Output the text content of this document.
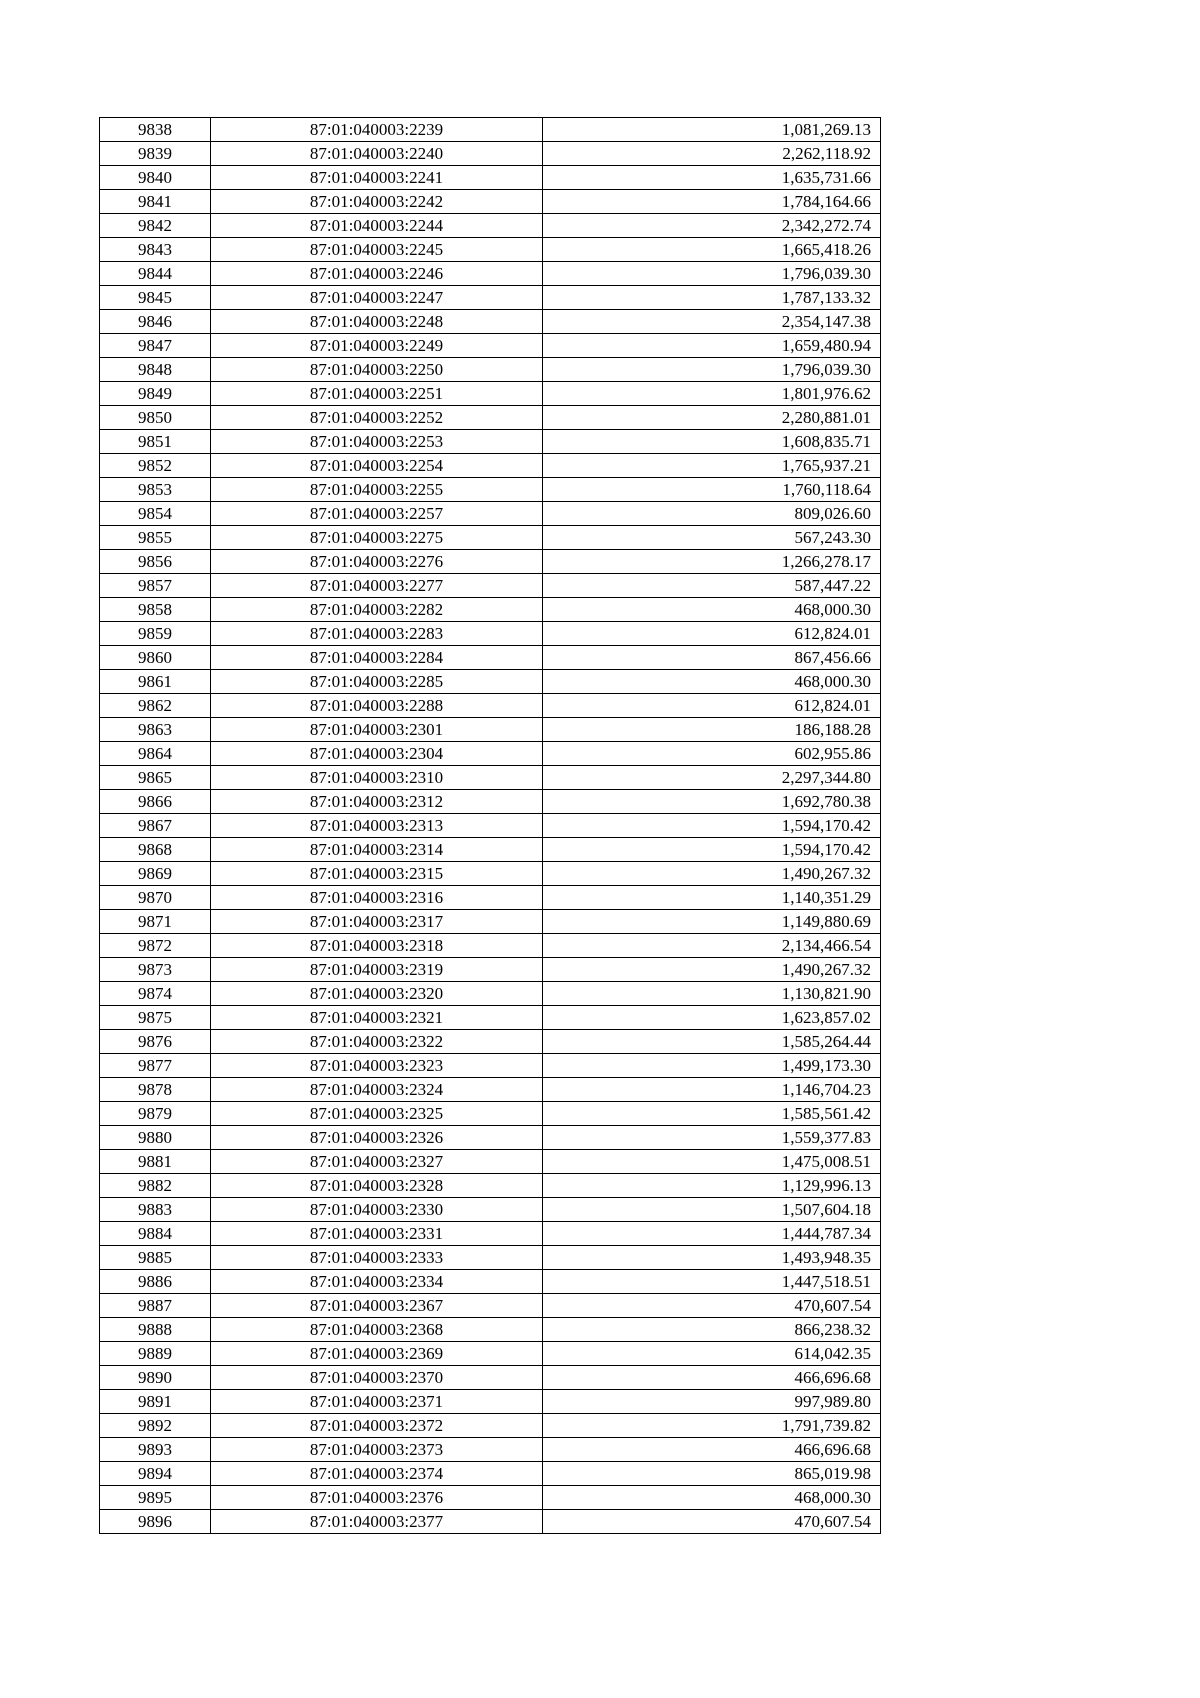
9838	87:01:040003:2239	1,081,269.13
9839	87:01:040003:2240	2,262,118.92
9840	87:01:040003:2241	1,635,731.66
9841	87:01:040003:2242	1,784,164.66
9842	87:01:040003:2244	2,342,272.74
9843	87:01:040003:2245	1,665,418.26
9844	87:01:040003:2246	1,796,039.30
9845	87:01:040003:2247	1,787,133.32
9846	87:01:040003:2248	2,354,147.38
9847	87:01:040003:2249	1,659,480.94
9848	87:01:040003:2250	1,796,039.30
9849	87:01:040003:2251	1,801,976.62
9850	87:01:040003:2252	2,280,881.01
9851	87:01:040003:2253	1,608,835.71
9852	87:01:040003:2254	1,765,937.21
9853	87:01:040003:2255	1,760,118.64
9854	87:01:040003:2257	809,026.60
9855	87:01:040003:2275	567,243.30
9856	87:01:040003:2276	1,266,278.17
9857	87:01:040003:2277	587,447.22
9858	87:01:040003:2282	468,000.30
9859	87:01:040003:2283	612,824.01
9860	87:01:040003:2284	867,456.66
9861	87:01:040003:2285	468,000.30
9862	87:01:040003:2288	612,824.01
9863	87:01:040003:2301	186,188.28
9864	87:01:040003:2304	602,955.86
9865	87:01:040003:2310	2,297,344.80
9866	87:01:040003:2312	1,692,780.38
9867	87:01:040003:2313	1,594,170.42
9868	87:01:040003:2314	1,594,170.42
9869	87:01:040003:2315	1,490,267.32
9870	87:01:040003:2316	1,140,351.29
9871	87:01:040003:2317	1,149,880.69
9872	87:01:040003:2318	2,134,466.54
9873	87:01:040003:2319	1,490,267.32
9874	87:01:040003:2320	1,130,821.90
9875	87:01:040003:2321	1,623,857.02
9876	87:01:040003:2322	1,585,264.44
9877	87:01:040003:2323	1,499,173.30
9878	87:01:040003:2324	1,146,704.23
9879	87:01:040003:2325	1,585,561.42
9880	87:01:040003:2326	1,559,377.83
9881	87:01:040003:2327	1,475,008.51
9882	87:01:040003:2328	1,129,996.13
9883	87:01:040003:2330	1,507,604.18
9884	87:01:040003:2331	1,444,787.34
9885	87:01:040003:2333	1,493,948.35
9886	87:01:040003:2334	1,447,518.51
9887	87:01:040003:2367	470,607.54
9888	87:01:040003:2368	866,238.32
9889	87:01:040003:2369	614,042.35
9890	87:01:040003:2370	466,696.68
9891	87:01:040003:2371	997,989.80
9892	87:01:040003:2372	1,791,739.82
9893	87:01:040003:2373	466,696.68
9894	87:01:040003:2374	865,019.98
9895	87:01:040003:2376	468,000.30
9896	87:01:040003:2377	470,607.54
